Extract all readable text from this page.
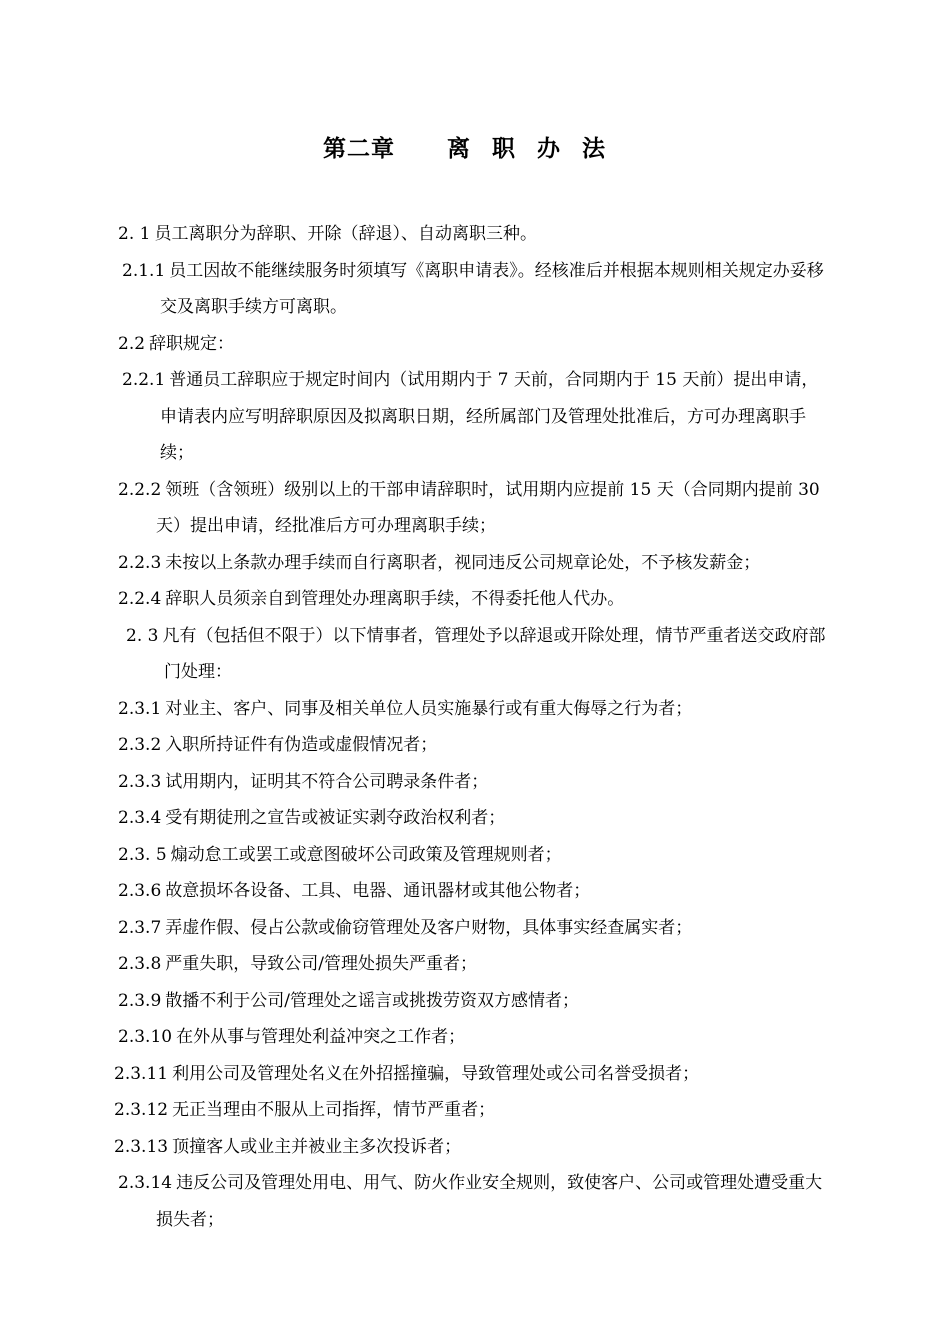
第二章 离职办法

2. 1 员工离职分为辞职、开除（辞退）、自动离职三种。

2.1.1 员工因故不能继续服务时须填写《离职申请表》。经核准后并根据本规则相关规定办妥移交及离职手续方可离职。

2.2 辞职规定：

2.2.1 普通员工辞职应于规定时间内（试用期内于 7 天前，合同期内于 15 天前）提出申请，申请表内应写明辞职原因及拟离职日期，经所属部门及管理处批准后，方可办理离职手续；

2.2.2 领班（含领班）级别以上的干部申请辞职时，试用期内应提前 15 天（合同期内提前 30 天）提出申请，经批准后方可办理离职手续；

2.2.3 未按以上条款办理手续而自行离职者，视同违反公司规章论处，不予核发薪金；

2.2.4 辞职人员须亲自到管理处办理离职手续，不得委托他人代办。

2. 3 凡有（包括但不限于）以下情事者，管理处予以辞退或开除处理，情节严重者送交政府部门处理：

2.3.1 对业主、客户、同事及相关单位人员实施暴行或有重大侮辱之行为者；

2.3.2 入职所持证件有伪造或虚假情况者；

2.3.3 试用期内，证明其不符合公司聘录条件者；

2.3.4 受有期徒刑之宣告或被证实剥夺政治权利者；

2.3. 5 煽动怠工或罢工或意图破坏公司政策及管理规则者；

2.3.6 故意损坏各设备、工具、电器、通讯器材或其他公物者；

2.3.7 弄虚作假、侵占公款或偷窃管理处及客户财物，具体事实经查属实者；

2.3.8 严重失职，导致公司/管理处损失严重者；

2.3.9 散播不利于公司/管理处之谣言或挑拨劳资双方感情者；

2.3.10 在外从事与管理处利益冲突之工作者；

2.3.11 利用公司及管理处名义在外招摇撞骗，导致管理处或公司名誉受损者；

2.3.12 无正当理由不服从上司指挥，情节严重者；

2.3.13 顶撞客人或业主并被业主多次投诉者；

2.3.14 违反公司及管理处用电、用气、防火作业安全规则，致使客户、公司或管理处遭受重大损失者；
